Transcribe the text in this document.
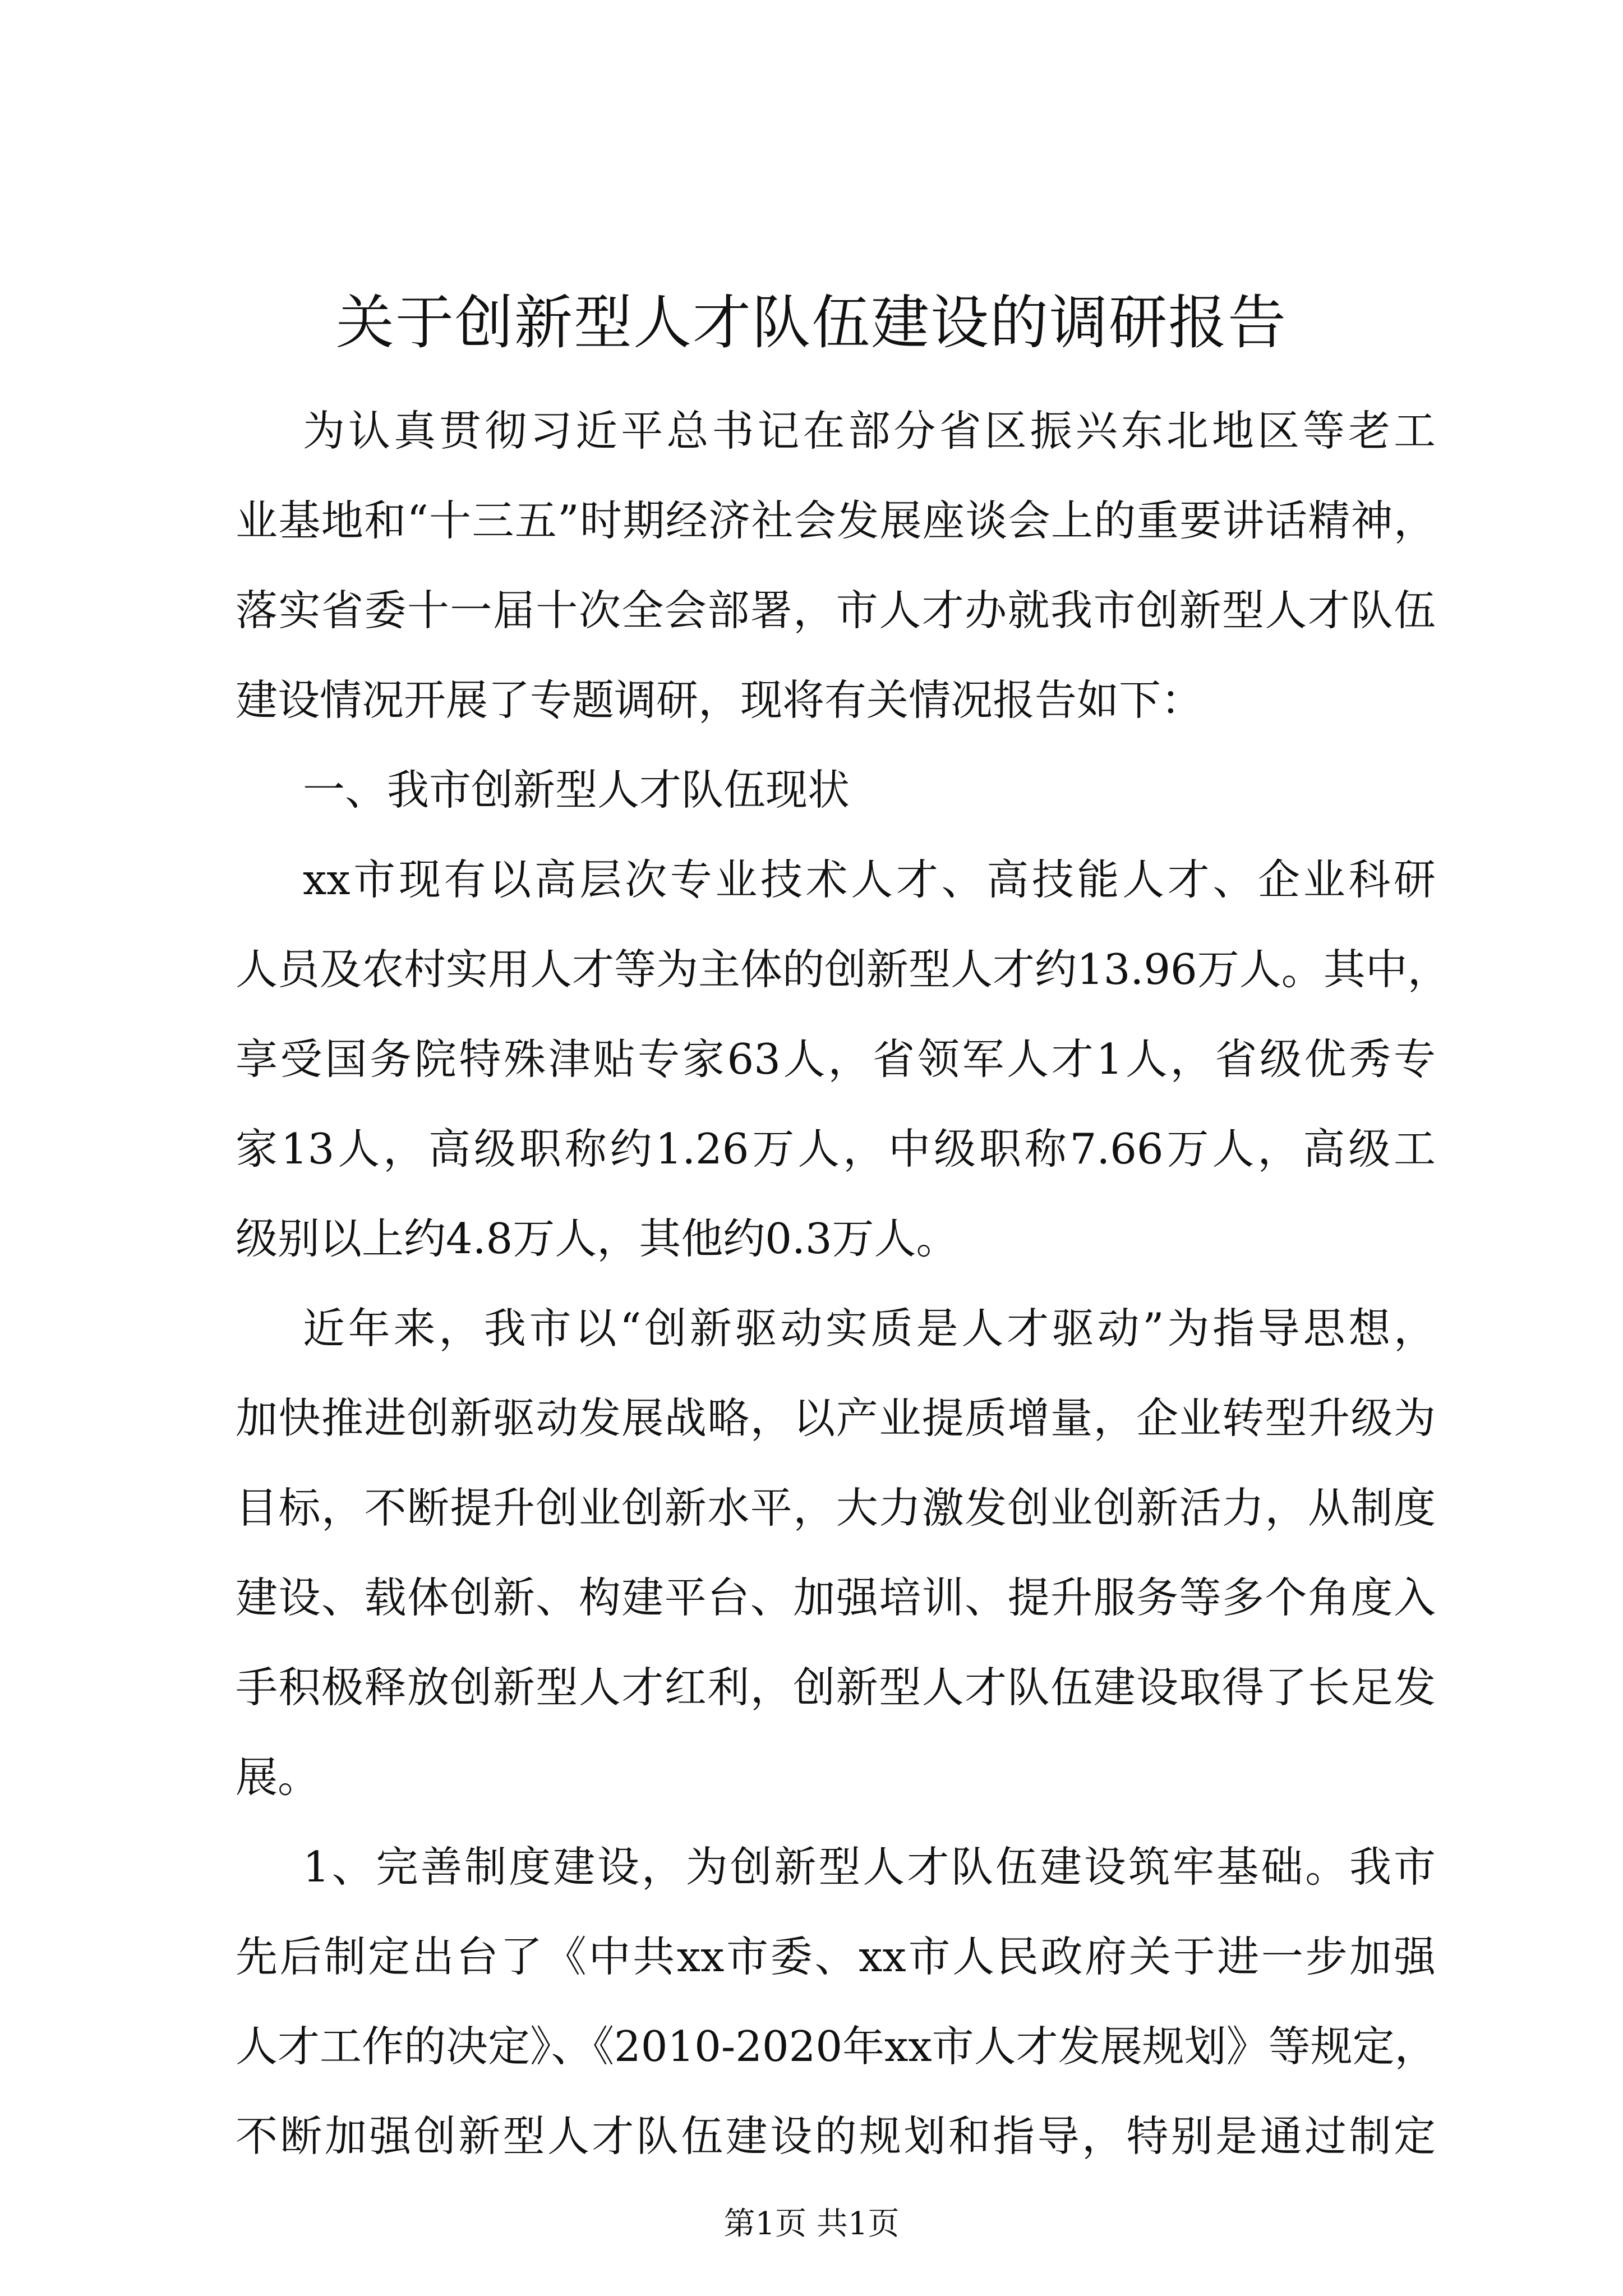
关于创新型人才队伍建设的调研报告
为认真贯彻习近平总书记在部分省区振兴东北地区等老工
业基地和“十三五”时期经济社会发展座谈会上的重要讲话精神，
落实省委十一届十次全会部署，市人才办就我市创新型人才队伍
建设情况开展了专题调研，现将有关情况报告如下：
一、我市创新型人才队伍现状
xx市现有以高层次专业技术人才、高技能人才、企业科研
人员及农村实用人才等为主体的创新型人才约13.96万人。其中，
享受国务院特殊津贴专家63人，省领军人才1人，省级优秀专
家13人，高级职称约1.26万人，中级职称7.66万人，高级工
级别以上约4.8万人，其他约0.3万人。
近年来，我市以“创新驱动实质是人才驱动”为指导思想，
加快推进创新驱动发展战略，以产业提质增量，企业转型升级为
目标，不断提升创业创新水平，大力激发创业创新活力，从制度
建设、载体创新、构建平台、加强培训、提升服务等多个角度入
手积极释放创新型人才红利，创新型人才队伍建设取得了长足发
展。
1、完善制度建设，为创新型人才队伍建设筑牢基础。我市
先后制定出台了《中共xx市委、xx市人民政府关于进一步加强
人才工作的决定》、《2010-2020年xx市人才发展规划》等规定，
不断加强创新型人才队伍建设的规划和指导，特别是通过制定
第1页 共1页
